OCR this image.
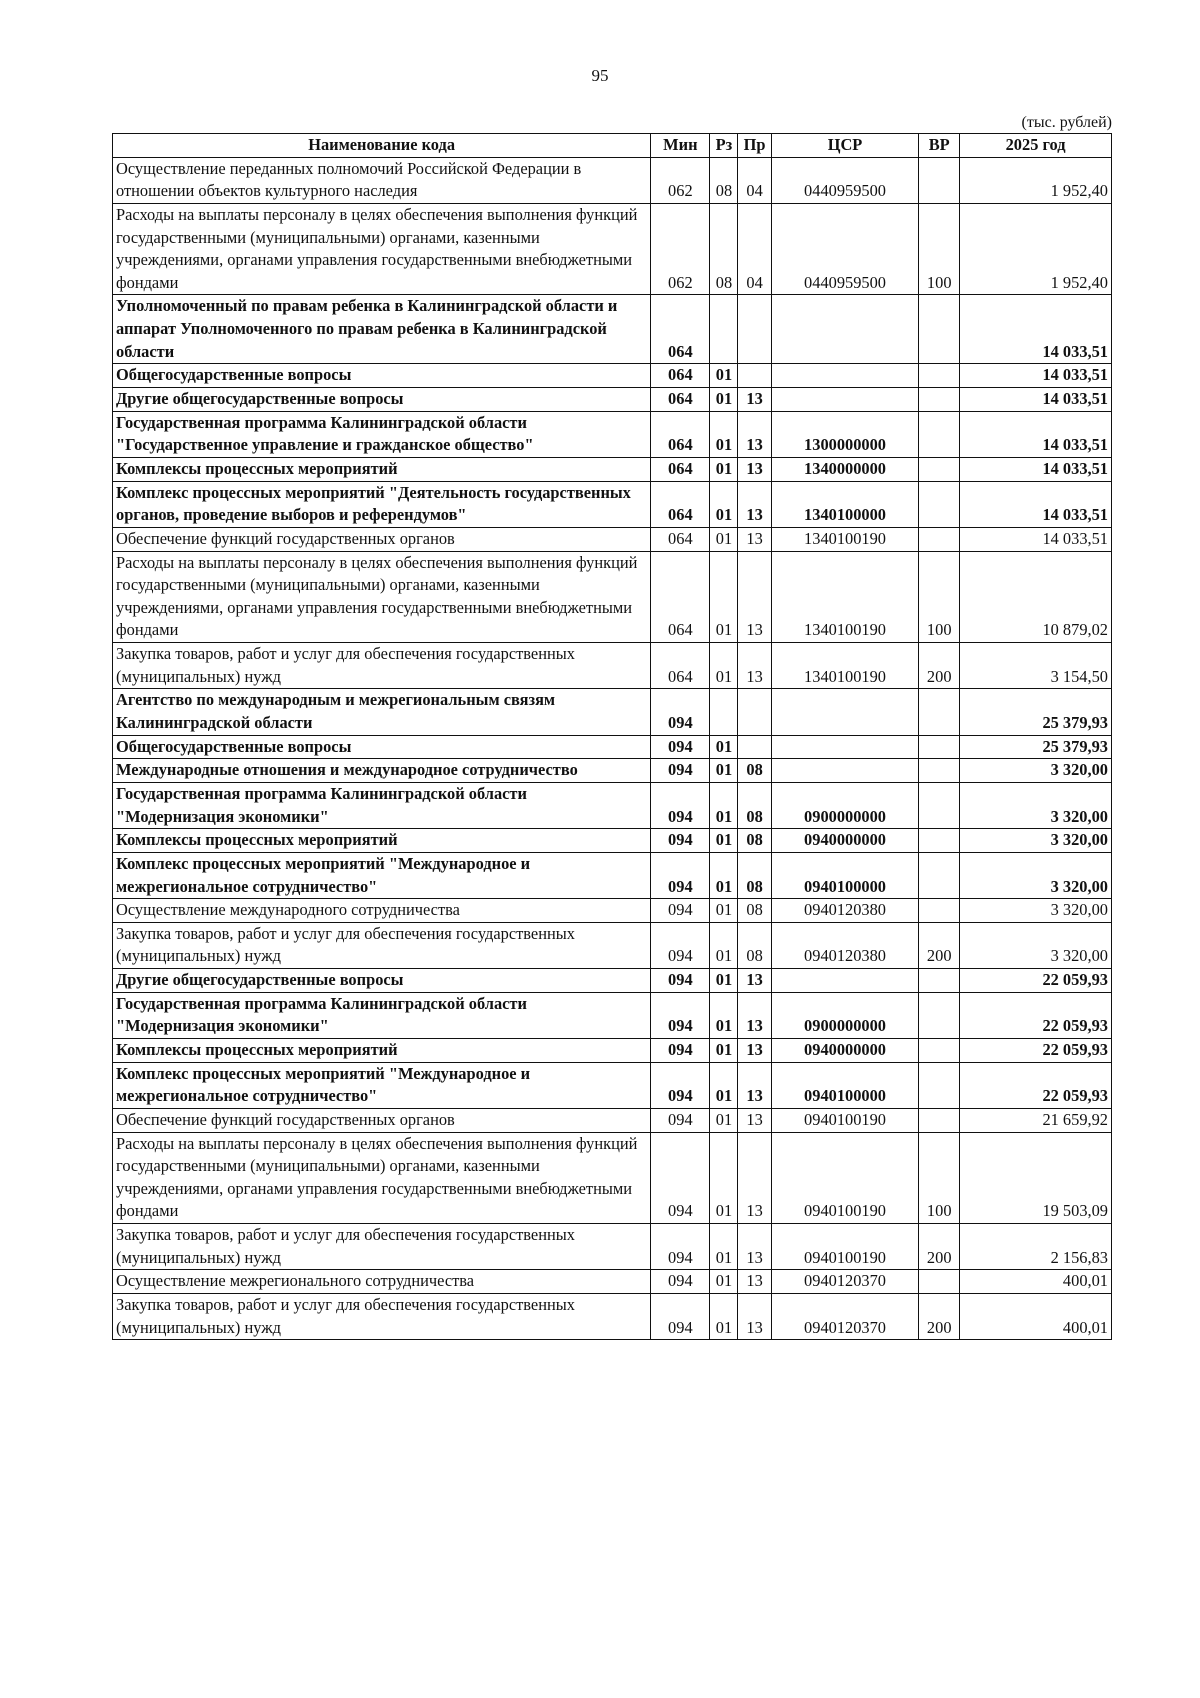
95
(тыс. рублей)
Наименование кода	Мин	Рз	Пр	ЦСР	ВР	2025 год
Осуществление переданных полномочий Российской Федерации в отношении объектов культурного наследия	062	08	04	0440959500		1 952,40
Расходы на выплаты персоналу в целях обеспечения выполнения функций государственными (муниципальными) органами, казенными учреждениями, органами управления государственными внебюджетными фондами	062	08	04	0440959500	100	1 952,40
Уполномоченный по правам ребенка в Калининградской области и аппарат Уполномоченного по правам ребенка в Калининградской области	064					14 033,51
Общегосударственные вопросы	064	01				14 033,51
Другие общегосударственные вопросы	064	01	13			14 033,51
Государственная программа Калининградской области "Государственное управление и гражданское общество"	064	01	13	1300000000		14 033,51
Комплексы процессных мероприятий	064	01	13	1340000000		14 033,51
Комплекс процессных мероприятий "Деятельность государственных органов, проведение выборов и референдумов"	064	01	13	1340100000		14 033,51
Обеспечение функций государственных органов	064	01	13	1340100190		14 033,51
Расходы на выплаты персоналу в целях обеспечения выполнения функций государственными (муниципальными) органами, казенными учреждениями, органами управления государственными внебюджетными фондами	064	01	13	1340100190	100	10 879,02
Закупка товаров, работ и услуг для обеспечения государственных (муниципальных) нужд	064	01	13	1340100190	200	3 154,50
Агентство по международным и межрегиональным связям Калининградской области	094					25 379,93
Общегосударственные вопросы	094	01				25 379,93
Международные отношения и международное сотрудничество	094	01	08			3 320,00
Государственная программа Калининградской области "Модернизация экономики"	094	01	08	0900000000		3 320,00
Комплексы процессных мероприятий	094	01	08	0940000000		3 320,00
Комплекс процессных мероприятий "Международное и межрегиональное сотрудничество"	094	01	08	0940100000		3 320,00
Осуществление международного сотрудничества	094	01	08	0940120380		3 320,00
Закупка товаров, работ и услуг для обеспечения государственных (муниципальных) нужд	094	01	08	0940120380	200	3 320,00
Другие общегосударственные вопросы	094	01	13			22 059,93
Государственная программа Калининградской области "Модернизация экономики"	094	01	13	0900000000		22 059,93
Комплексы процессных мероприятий	094	01	13	0940000000		22 059,93
Комплекс процессных мероприятий "Международное и межрегиональное сотрудничество"	094	01	13	0940100000		22 059,93
Обеспечение функций государственных органов	094	01	13	0940100190		21 659,92
Расходы на выплаты персоналу в целях обеспечения выполнения функций государственными (муниципальными) органами, казенными учреждениями, органами управления государственными внебюджетными фондами	094	01	13	0940100190	100	19 503,09
Закупка товаров, работ и услуг для обеспечения государственных (муниципальных) нужд	094	01	13	0940100190	200	2 156,83
Осуществление межрегионального сотрудничества	094	01	13	0940120370		400,01
Закупка товаров, работ и услуг для обеспечения государственных (муниципальных) нужд	094	01	13	0940120370	200	400,01
